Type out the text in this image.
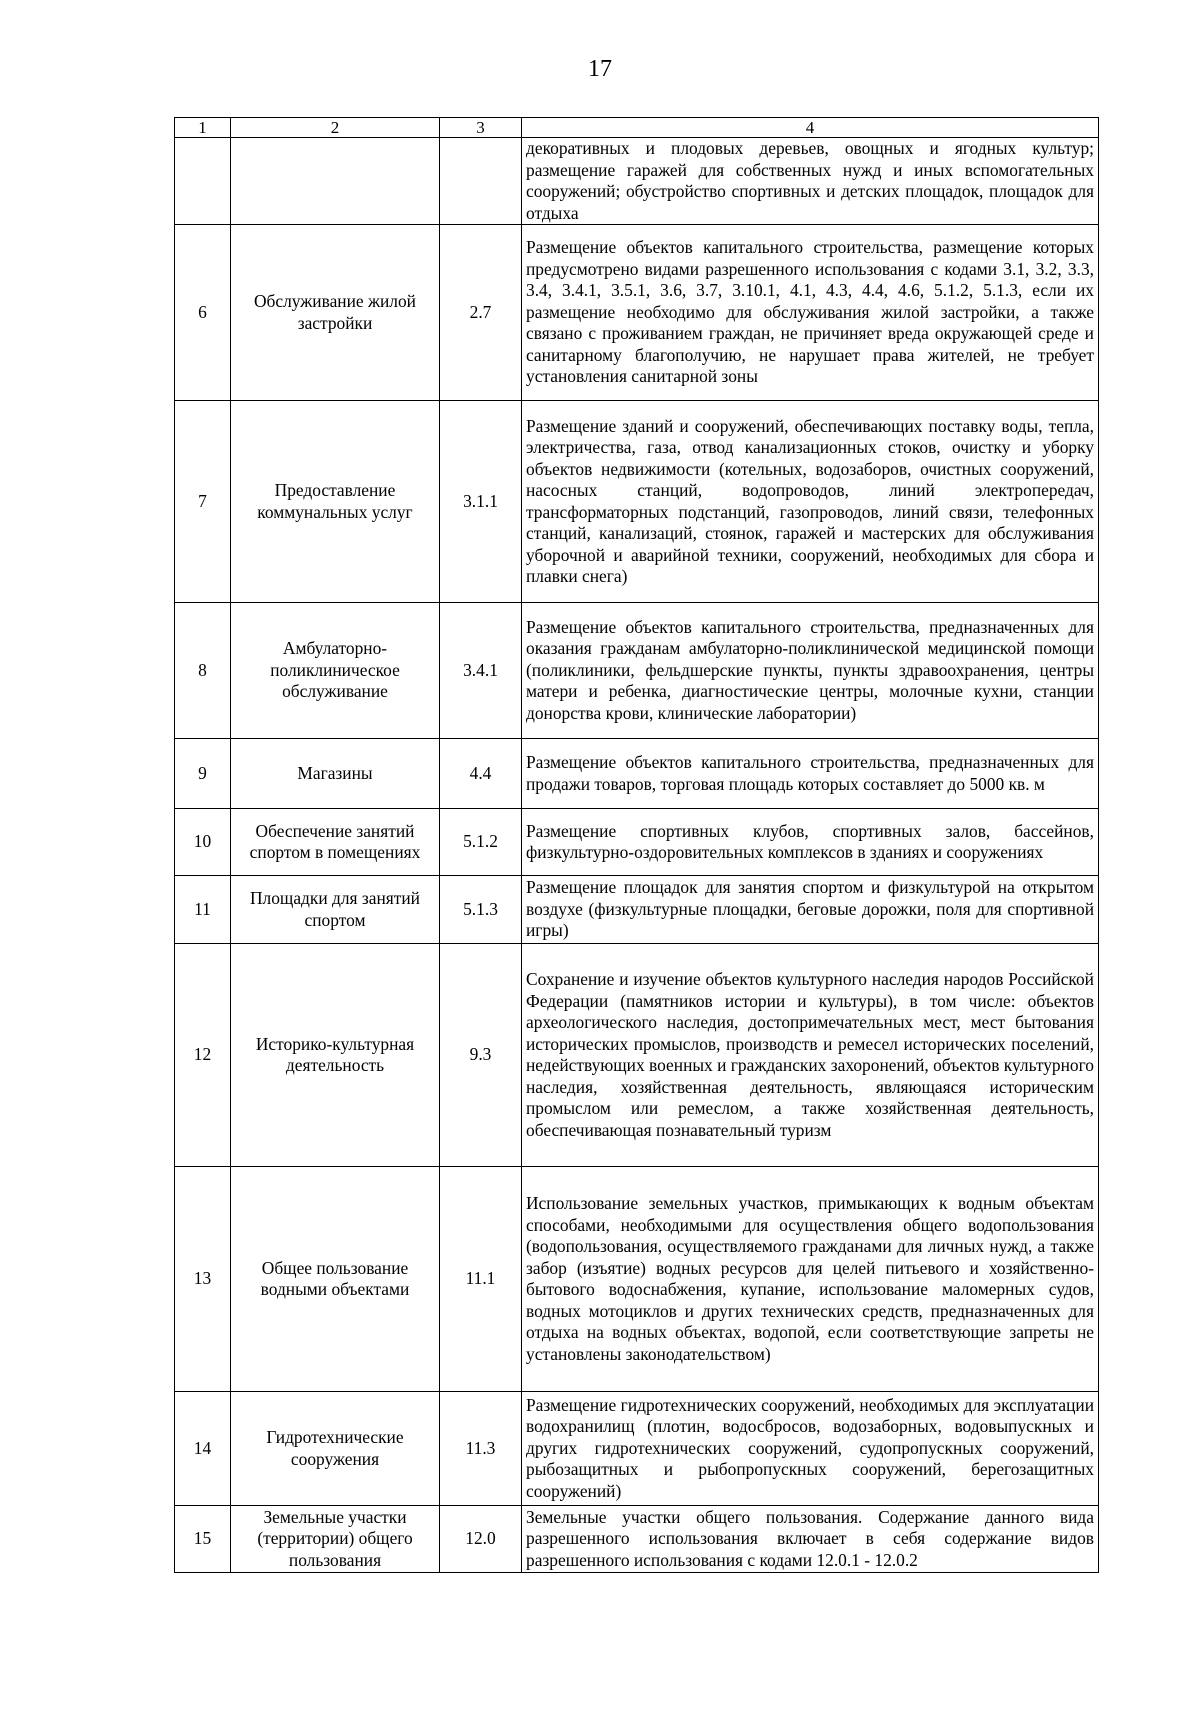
17
1	2	3	4
			декоративных и плодовых деревьев, овощных и ягодных культур; размещение гаражей для собственных нужд и иных вспомогательных сооружений; обустройство спортивных и детских площадок, площадок для отдыха
6	Обслуживание жилой застройки	2.7	Размещение объектов капитального строительства, размещение которых предусмотрено видами разрешенного использования с кодами 3.1, 3.2, 3.3, 3.4, 3.4.1, 3.5.1, 3.6, 3.7, 3.10.1, 4.1, 4.3, 4.4, 4.6, 5.1.2, 5.1.3, если их размещение необходимо для обслуживания жилой застройки, а также связано с проживанием граждан, не причиняет вреда окружающей среде и санитарному благополучию, не нарушает права жителей, не требует установления санитарной зоны
7	Предоставление коммунальных услуг	3.1.1	Размещение зданий и сооружений, обеспечивающих поставку воды, тепла, электричества, газа, отвод канализационных стоков, очистку и уборку объектов недвижимости (котельных, водозаборов, очистных сооружений, насосных станций, водопроводов, линий электропередач, трансформаторных подстанций, газопроводов, линий связи, телефонных станций, канализаций, стоянок, гаражей и мастерских для обслуживания уборочной и аварийной техники, сооружений, необходимых для сбора и плавки снега)
8	Амбулаторно-поликлиническое обслуживание	3.4.1	Размещение объектов капитального строительства, предназначенных для оказания гражданам амбулаторно-поликлинической медицинской помощи (поликлиники, фельдшерские пункты, пункты здравоохранения, центры матери и ребенка, диагностические центры, молочные кухни, станции донорства крови, клинические лаборатории)
9	Магазины	4.4	Размещение объектов капитального строительства, предназначенных для продажи товаров, торговая площадь которых составляет до 5000 кв. м
10	Обеспечение занятий спортом в помещениях	5.1.2	Размещение спортивных клубов, спортивных залов, бассейнов, физкультурно-оздоровительных комплексов в зданиях и сооружениях
11	Площадки для занятий спортом	5.1.3	Размещение площадок для занятия спортом и физкультурой на открытом воздухе (физкультурные площадки, беговые дорожки, поля для спортивной игры)
12	Историко-культурная деятельность	9.3	Сохранение и изучение объектов культурного наследия народов Российской Федерации (памятников истории и культуры), в том числе: объектов археологического наследия, достопримечательных мест, мест бытования исторических промыслов, производств и ремесел исторических поселений, недействующих военных и гражданских захоронений, объектов культурного наследия, хозяйственная деятельность, являющаяся историческим промыслом или ремеслом, а также хозяйственная деятельность, обеспечивающая познавательный туризм
13	Общее пользование водными объектами	11.1	Использование земельных участков, примыкающих к водным объектам способами, необходимыми для осуществления общего водопользования (водопользования, осуществляемого гражданами для личных нужд, а также забор (изъятие) водных ресурсов для целей питьевого и хозяйственно-бытового водоснабжения, купание, использование маломерных судов, водных мотоциклов и других технических средств, предназначенных для отдыха на водных объектах, водопой, если соответствующие запреты не установлены законодательством)
14	Гидротехнические сооружения	11.3	Размещение гидротехнических сооружений, необходимых для эксплуатации водохранилищ (плотин, водосбросов, водозаборных, водовыпускных и других гидротехнических сооружений, судопропускных сооружений, рыбозащитных и рыбопропускных сооружений, берегозащитных сооружений)
15	Земельные участки (территории) общего пользования	12.0	Земельные участки общего пользования. Содержание данного вида разрешенного использования включает в себя содержание видов разрешенного использования с кодами 12.0.1 - 12.0.2
